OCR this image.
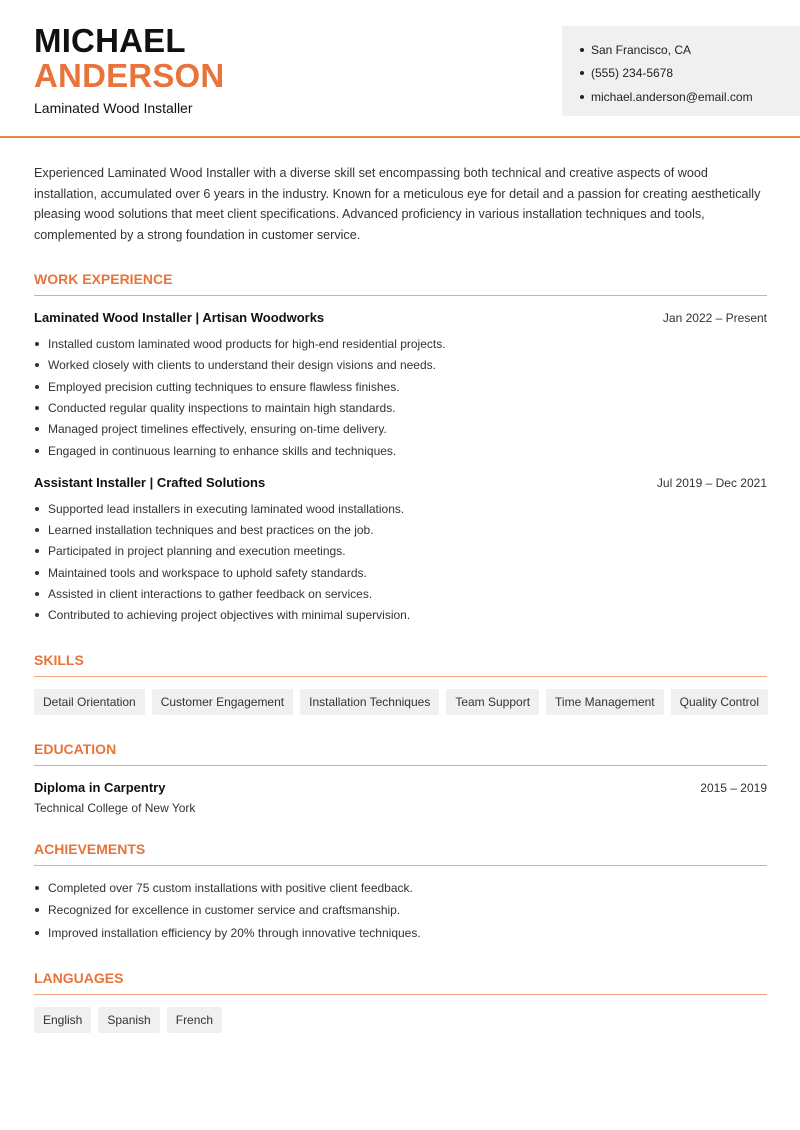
MICHAEL
ANDERSON
Laminated Wood Installer
San Francisco, CA
(555) 234-5678
michael.anderson@email.com

Experienced Laminated Wood Installer with a diverse skill set encompassing both technical and creative aspects of wood installation, accumulated over 6 years in the industry. Known for a meticulous eye for detail and a passion for creating aesthetically pleasing wood solutions that meet client specifications. Advanced proficiency in various installation techniques and tools, complemented by a strong foundation in customer service.

WORK EXPERIENCE
Laminated Wood Installer | Artisan Woodworks	Jan 2022 – Present
Installed custom laminated wood products for high-end residential projects.
Worked closely with clients to understand their design visions and needs.
Employed precision cutting techniques to ensure flawless finishes.
Conducted regular quality inspections to maintain high standards.
Managed project timelines effectively, ensuring on-time delivery.
Engaged in continuous learning to enhance skills and techniques.
Assistant Installer | Crafted Solutions	Jul 2019 – Dec 2021
Supported lead installers in executing laminated wood installations.
Learned installation techniques and best practices on the job.
Participated in project planning and execution meetings.
Maintained tools and workspace to uphold safety standards.
Assisted in client interactions to gather feedback on services.
Contributed to achieving project objectives with minimal supervision.
SKILLS
Detail Orientation	Customer Engagement	Installation Techniques	Team Support	Time Management	Quality Control
EDUCATION
Diploma in Carpentry	2015 – 2019
Technical College of New York
ACHIEVEMENTS
Completed over 75 custom installations with positive client feedback.
Recognized for excellence in customer service and craftsmanship.
Improved installation efficiency by 20% through innovative techniques.
LANGUAGES
English	Spanish	French
